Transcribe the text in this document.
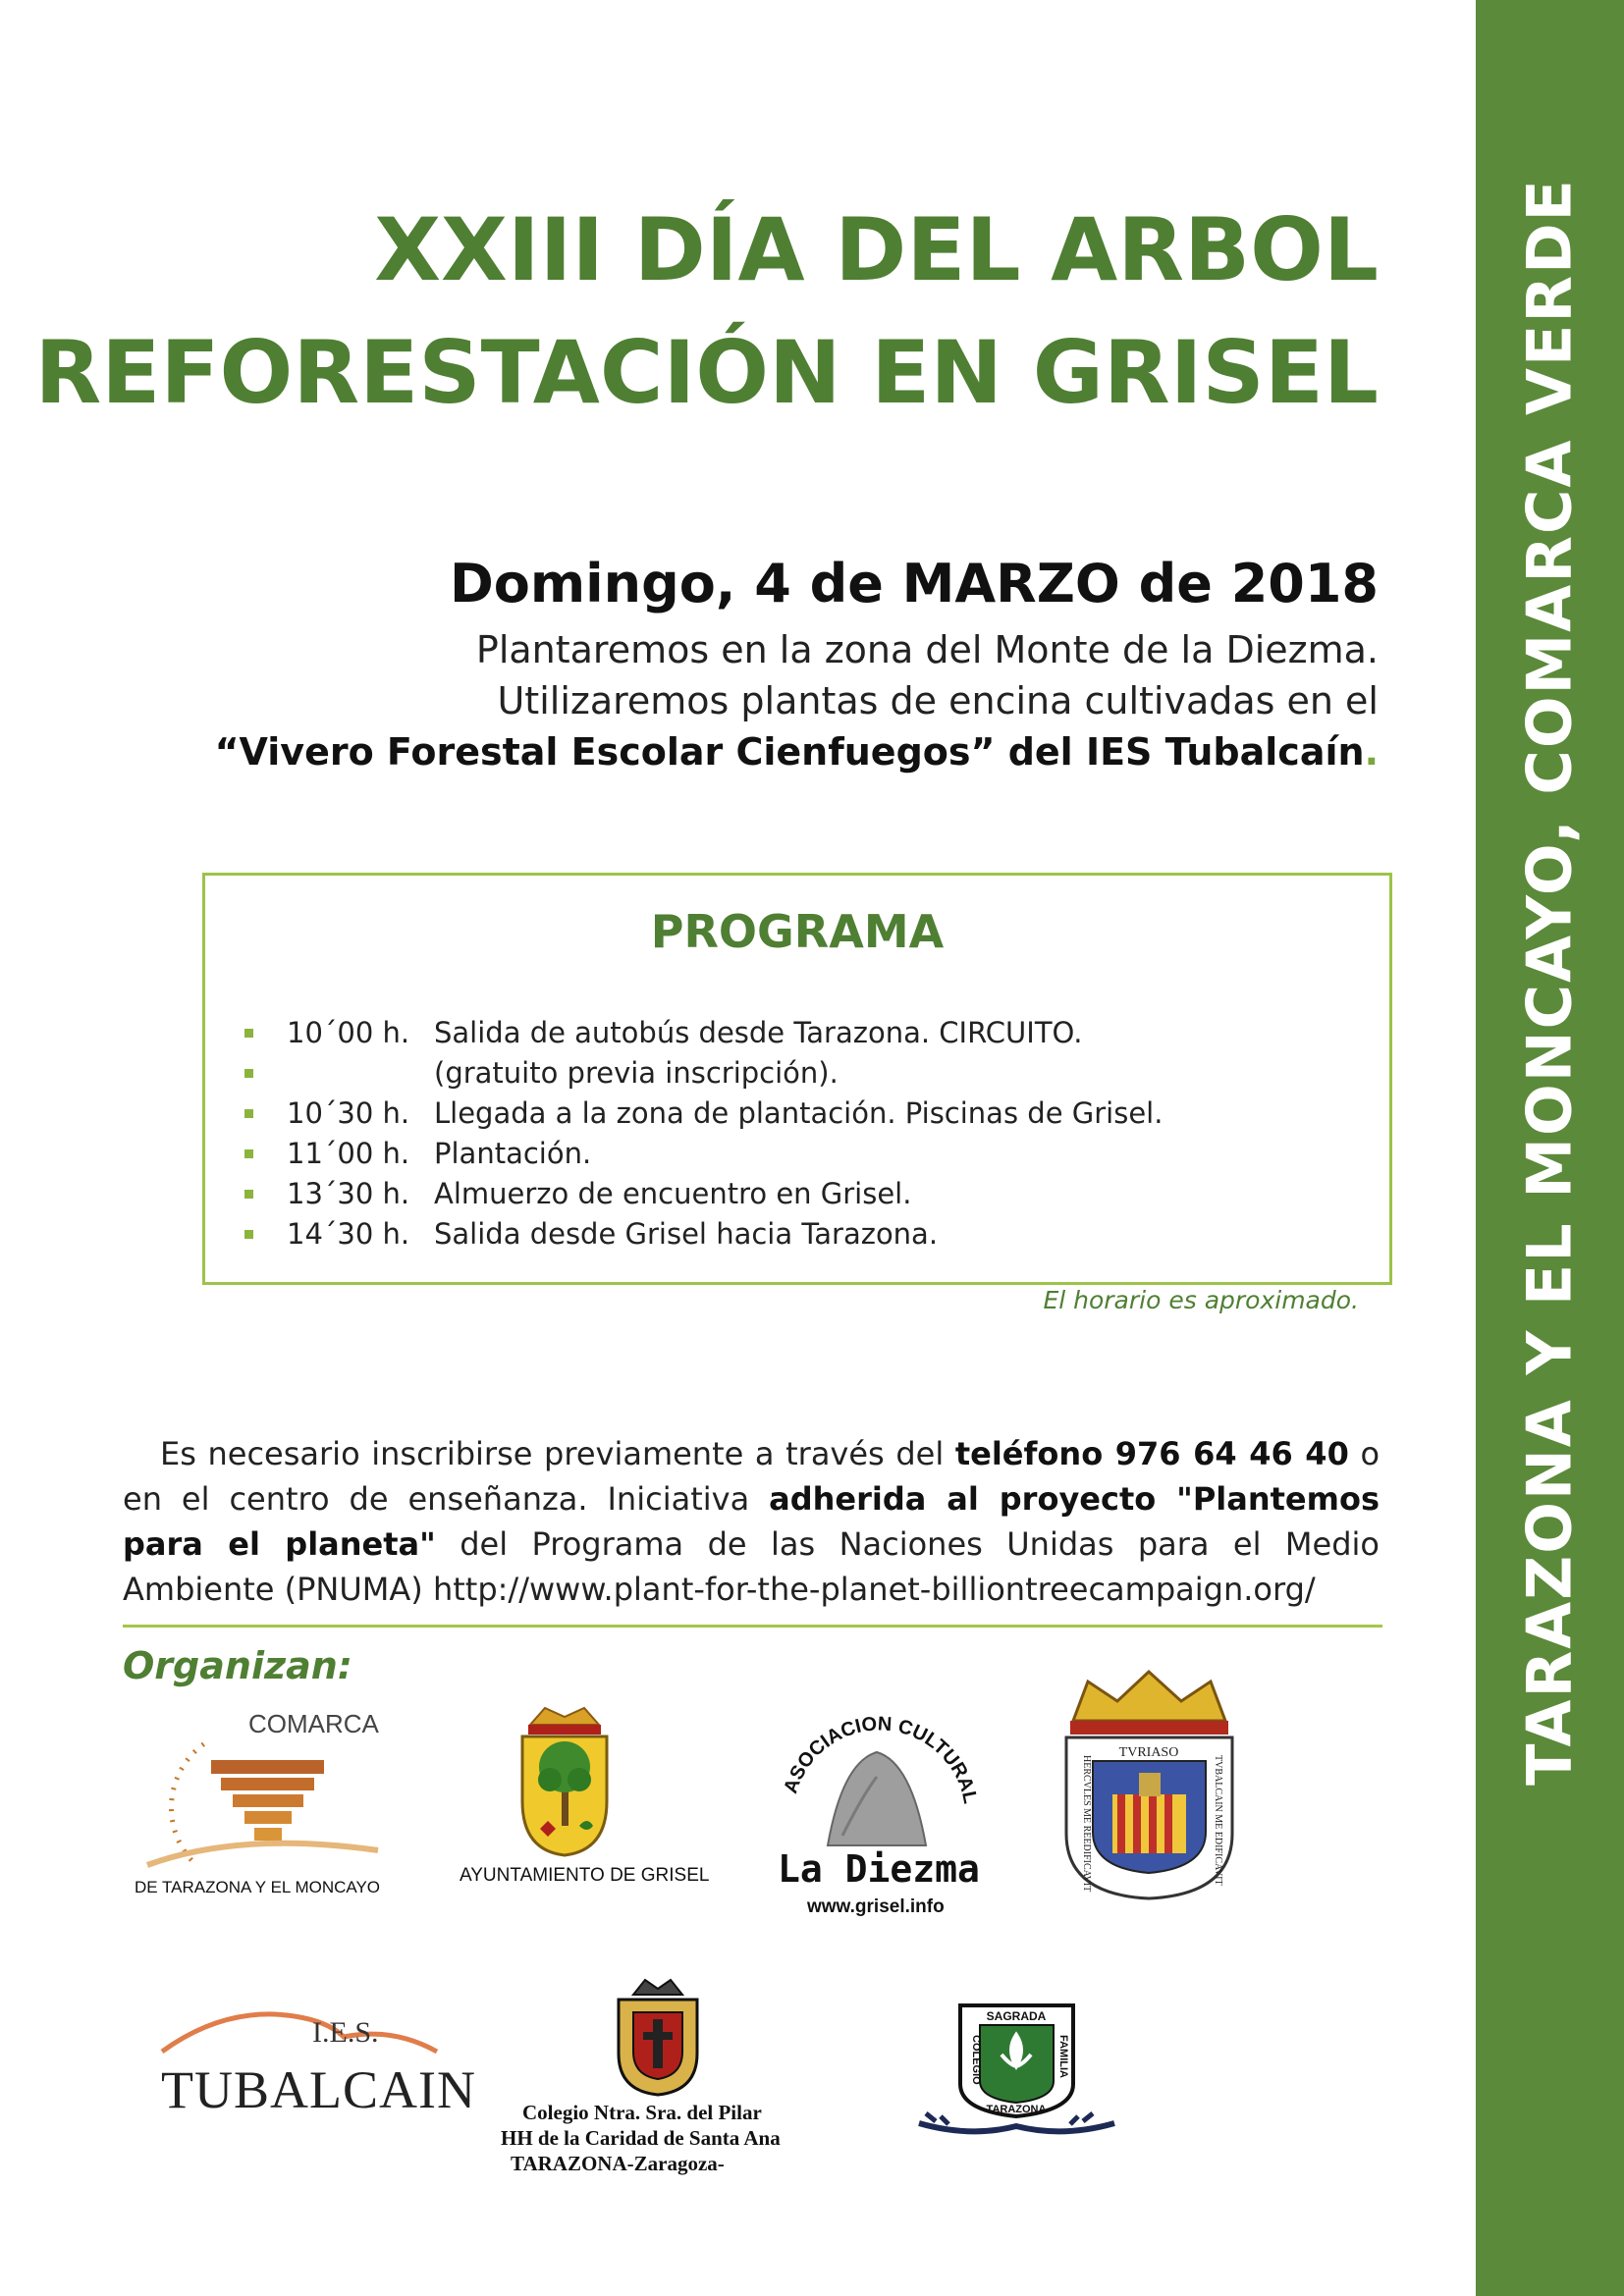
TARAZONA Y EL MONCAYO, COMARCA VERDE
XXIII DÍA DEL ARBOL
REFORESTACIÓN EN GRISEL
Domingo, 4 de MARZO de 2018
Plantaremos en la zona del Monte de la Diezma.
Utilizaremos plantas de encina cultivadas en el
“Vivero Forestal Escolar Cienfuegos” del IES Tubalcaín.
PROGRAMA
10´00 h. Salida de autobús desde Tarazona. CIRCUITO.
(gratuito previa inscripción).
10´30 h. Llegada a la zona de plantación. Piscinas de Grisel.
11´00 h. Plantación.
13´30 h. Almuerzo de encuentro en Grisel.
14´30 h. Salida desde Grisel hacia Tarazona.
El horario es aproximado.
Es necesario inscribirse previamente a través del teléfono 976 64 46 40 o en el centro de enseñanza. Iniciativa adherida al proyecto "Plantemos para el planeta" del Programa de las Naciones Unidas para el Medio Ambiente (PNUMA) http://www.plant-for-the-planet-billiontreecampaign.org/
Organizan:
COMARCA
DE TARAZONA Y EL MONCAYO
AYUNTAMIENTO DE GRISEL
ASOCIACION CULTURAL
La Diezma
www.grisel.info
TVRIASO
HERCVLES ME REEDIFICAVIT	TVBALCAIN ME EDIFICAVIT
I.E.S.
TUBALCAIN Colegio Ntra. Sra. del Pilar
HH de la Caridad de Santa Ana
TARAZONA-Zaragoza-
SAGRADA
TARAZONA
COLEGIO	FAMILIA
